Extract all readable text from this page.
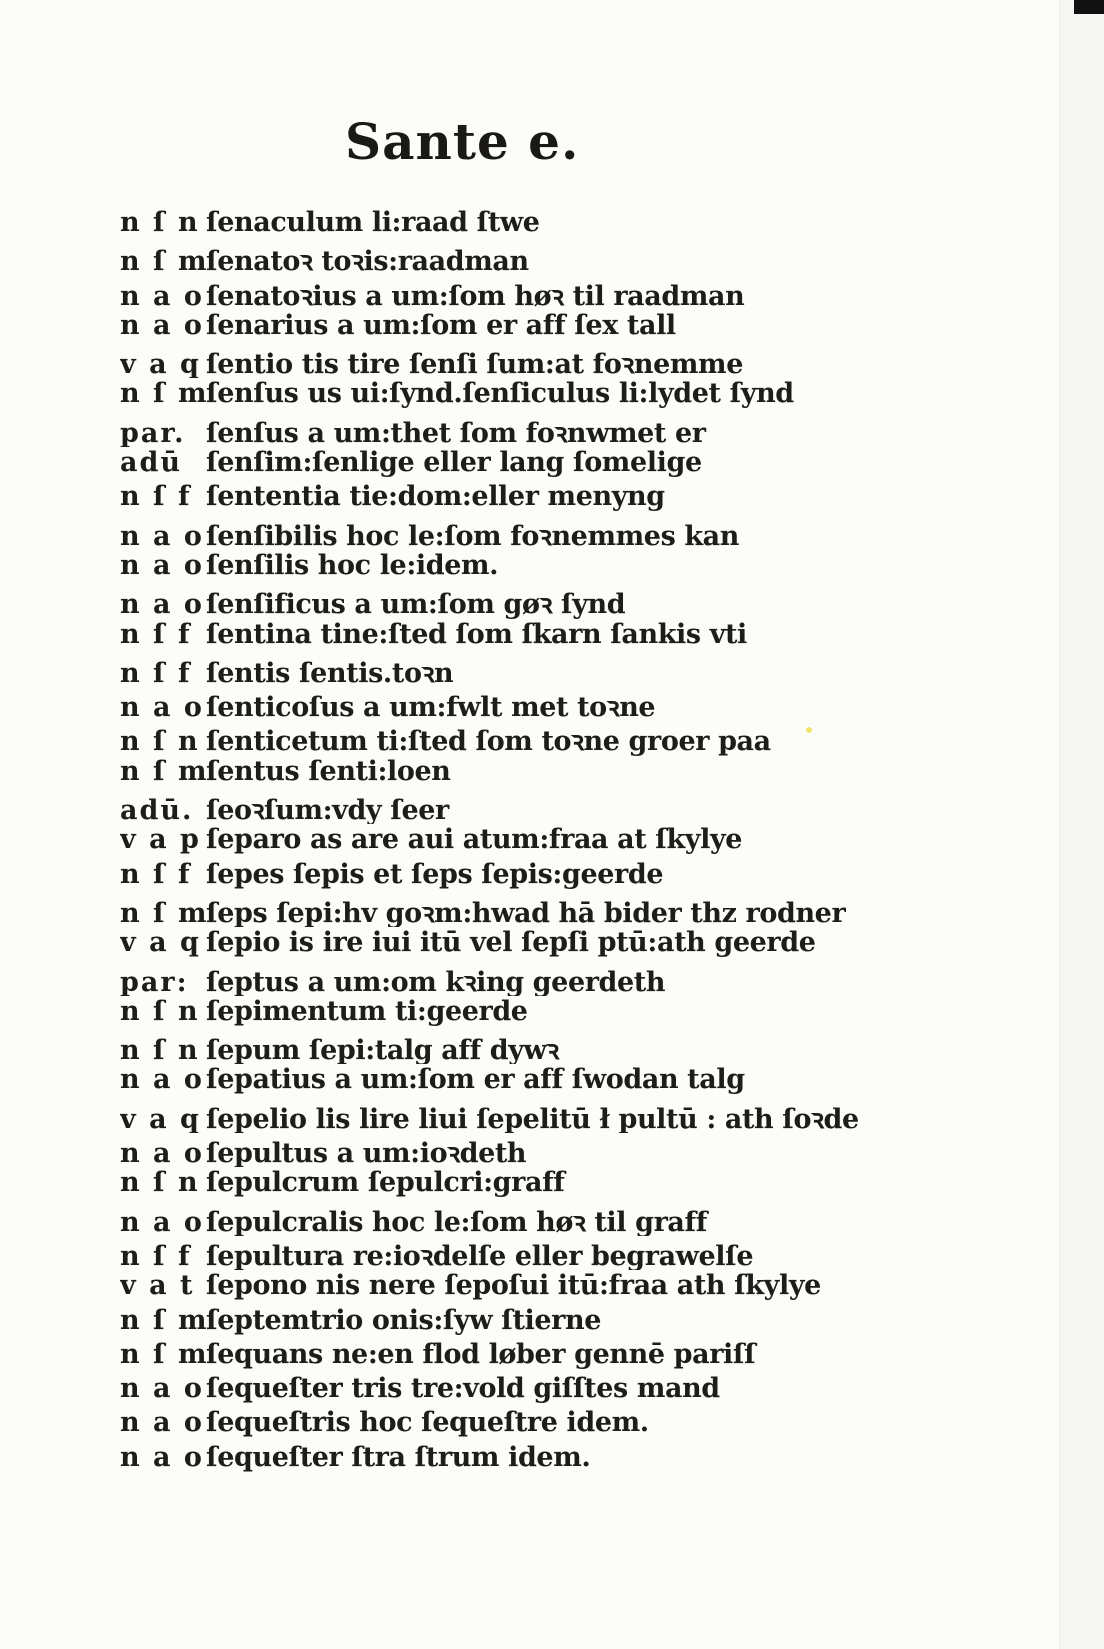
Sante e.
n ſ n ſenaculum li:raad ſtwe
n ſ m
ſenatoꝛ toꝛis:raadman
n a o ſenatoꝛius a um:ſom høꝛ til raadman
n a o ſenarius a um:ſom er aff ſex tall
v a q ſentio tis tire ſenſi ſum:at foꝛnemme
n ſ m
ſenſus us ui:ſynd.ſenſiculus li:lydet ſynd
par. ſenſus a um:thet ſom foꝛnwmet er
adū ſenſim:ſenlige eller lang ſomelige
n ſ f ſententia tie:dom:eller menyng
n a o ſenſibilis hoc le:ſom foꝛnemmes kan
n a o ſenſilis hoc le:idem.
n a o ſenſificus a um:ſom gøꝛ ſynd
n ſ f ſentina tine:ſted ſom ſkarn ſankis vti
n ſ f ſentis ſentis.toꝛn
n a o ſenticoſus a um:fwlt met toꝛne
n ſ n ſenticetum ti:ſted ſom toꝛne groer paa
n ſ m
ſentus ſenti:loen
adū. ſeoꝛſum:vdy ſeer
v a p ſeparo as are aui atum:fraa at ſkylye
n ſ f ſepes ſepis et ſeps ſepis:geerde
n ſ m
ſeps ſepi:hv goꝛm:hwad hā bider thz rodner
v a q ſepio is ire iui itū vel ſepſi ptū:ath geerde
par: ſeptus a um:om kꝛing geerdeth
n ſ n ſepimentum ti:geerde
n ſ n ſepum ſepi:talg aff dywꝛ
n a o ſepatius a um:ſom er aff ſwodan talg
v a q ſepelio lis lire liui ſepelitū ł pultū : ath ſoꝛde
n a o ſepultus a um:ioꝛdeth
n ſ n ſepulcrum ſepulcri:graff
n a o ſepulcralis hoc le:ſom høꝛ til graff
n ſ f ſepultura re:ioꝛdelſe eller begrawelſe
v a t ſepono nis nere ſepoſui itū:fraa ath ſkylye
n ſ m
ſeptemtrio onis:ſyw ſtierne
n ſ m
ſequans ne:en flod løber gennē pariſſ
n a o ſequeſter tris tre:vold giſſtes mand
n a o ſequeſtris hoc ſequeſtre idem.
n a o ſequeſter ſtra ſtrum idem.
